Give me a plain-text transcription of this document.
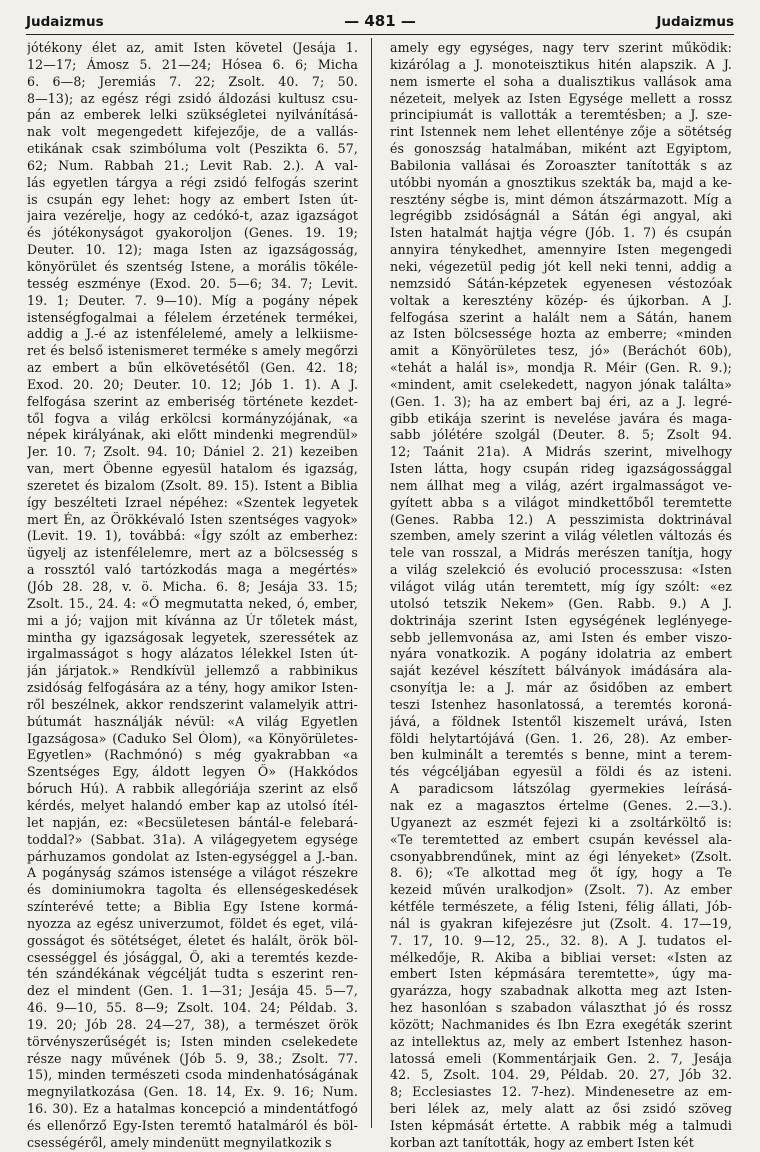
Judaizmus	— 481 —	Judaizmus
jótékony élet az, amit Isten követel (Jesája 1.
12—17; Ámosz 5. 21—24; Hósea 6. 6; Micha
6. 6—8; Jeremiás 7. 22; Zsolt. 40. 7; 50.
8—13); az egész régi zsidó áldozási kultusz csu-
pán az emberek lelki szükségletei nyilvánításá-
nak volt megengedett kifejezője, de a vallás-
etikának csak szimbóluma volt (Peszikta 6. 57,
62; Num. Rabbah 21.; Levit Rab. 2.). A val-
lás egyetlen tárgya a régi zsidó felfogás szerint
is csupán egy lehet: hogy az embert Isten út-
jaira vezérelje, hogy az cedókó-t, azaz igazságot
és jótékonyságot gyakoroljon (Genes. 19. 19;
Deuter. 10. 12); maga Isten az igazságosság,
könyörület és szentség Istene, a morális tökéle-
tesség eszménye (Exod. 20. 5—6; 34. 7; Levit.
19. 1; Deuter. 7. 9—10). Míg a pogány népek
istenségfogalmai a félelem érzetének termékei,
addig a J.-é az istenfélelemé, amely a lelkiisme-
ret és belső istenismeret terméke s amely megőrzi
az embert a bűn elkövetésétől (Gen. 42. 18;
Exod. 20. 20; Deuter. 10. 12; Jób 1. 1). A J.
felfogása szerint az emberiség története kezdet-
től fogva a világ erkölcsi kormányzójának, «a
népek királyának, aki előtt mindenki megrendül»
Jer. 10. 7; Zsolt. 94. 10; Dániel 2. 21) kezeiben
van, mert Őbenne egyesül hatalom és igazság,
szeretet és bizalom (Zsolt. 89. 15). Istent a Biblia
így beszélteti Izrael népéhez: «Szentek legyetek
mert Én, az Örökkévaló Isten szentséges vagyok»
(Levit. 19. 1), továbbá: «Így szólt az emberhez:
ügyelj az istenfélelemre, mert az a bölcsesség s
a rossztól való tartózkodás maga a megértés»
(Jób 28. 28, v. ö. Micha. 6. 8; Jesája 33. 15;
Zsolt. 15., 24. 4: «Ő megmutatta neked, ó, ember,
mi a jó; vajjon mit kívánna az Úr tőletek mást,
mintha gy igazságosak legyetek, szeressétek az
irgalmasságot s hogy alázatos lélekkel Isten út-
ján járjatok.» Rendkívül jellemző a rabbinikus
zsidóság felfogására az a tény, hogy amikor Isten-
ről beszélnek, akkor rendszerint valamelyik attri-
bútumát használják névül: «A világ Egyetlen
Igazságosa» (Caduko Sel Ólom), «a Könyörületes-
Egyetlen» (Rachmónó) s még gyakrabban «a
Szentséges Egy, áldott legyen Ő» (Hakkódos
bóruch Hú). A rabbik allegóriája szerint az első
kérdés, melyet halandó ember kap az utolsó ítél-
let napján, ez: «Becsületesen bántál-e felebará-
toddal?» (Sabbat. 31a). A világegyetem egysége
párhuzamos gondolat az Isten-egységgel a J.-ban.
A pogányság számos istensége a világot részekre
és dominiumokra tagolta és ellenségeskedések
színterévé tette; a Biblia Egy Istene kormá-
nyozza az egész univerzumot, földet és eget, vilá-
gosságot és sötétséget, életet és halált, örök böl-
csességgel és jósággal, Ő, aki a teremtés kezde-
tén szándékának végcélját tudta s eszerint ren-
dez el mindent (Gen. 1. 1—31; Jesája 45. 5—7,
46. 9—10, 55. 8—9; Zsolt. 104. 24; Példab. 3.
19. 20; Jób 28. 24—27, 38), a természet örök
törvényszerűségét is; Isten minden cselekedete
része nagy művének (Jób 5. 9, 38.; Zsolt. 77.
15), minden természeti csoda mindenhatóságának
megnyilatkozása (Gen. 18. 14, Ex. 9. 16; Num.
16. 30). Ez a hatalmas koncepció a mindentátfogó
és ellenőrző Egy-Isten teremtő hatalmáról és böl-
csességéről, amely mindenütt megnyilatkozik s
amely egy egységes, nagy terv szerint működik:
kizárólag a J. monoteisztikus hitén alapszik. A J.
nem ismerte el soha a dualisztikus vallások ama
nézeteit, melyek az Isten Egysége mellett a rossz
principiumát is vallották a teremtésben; a J. sze-
rint Istennek nem lehet ellenténye zője a sötétség
és gonoszság hatalmában, miként azt Egyiptom,
Babilonia vallásai és Zoroaszter tanították s az
utóbbi nyomán a gnosztikus szekták ba, majd a ke-
resztény ségbe is, mint démon átszármazott. Míg a
legrégibb zsidóságnál a Sátán égi angyal, aki
Isten hatalmát hajtja végre (Jób. 1. 7) és csupán
annyira ténykedhet, amennyire Isten megengedi
neki, végezetül pedig jót kell neki tenni, addig a
nemzsidó Sátán-képzetek egyenesen véstozóak
voltak a keresztény közép- és újkorban. A J.
felfogása szerint a halált nem a Sátán, hanem
az Isten bölcsessége hozta az emberre; «minden
amit a Könyörületes tesz, jó» (Beráchót 60b),
«tehát a halál is», mondja R. Méir (Gen. R. 9.);
«mindent, amit cselekedett, nagyon jónak találta»
(Gen. 1. 3); ha az embert baj éri, az a J. legré-
gibb etikája szerint is nevelése javára és maga-
sabb jólétére szolgál (Deuter. 8. 5; Zsolt 94.
12; Taánit 21a). A Midrás szerint, mivelhogy
Isten látta, hogy csupán rideg igazságossággal
nem állhat meg a világ, azért irgalmasságot ve-
gyített abba s a világot mindkettőből teremtette
(Genes. Rabba 12.) A pesszimista doktrinával
szemben, amely szerint a világ véletlen változás és
tele van rosszal, a Midrás merészen tanítja, hogy
a világ szelekció és evolució processzusa: «Isten
világot világ után teremtett, míg így szólt: «ez
utolsó tetszik Nekem» (Gen. Rabb. 9.) A J.
doktrinája szerint Isten egységének leglényege-
sebb jellemvonása az, ami Isten és ember viszo-
nyára vonatkozik. A pogány idolatria az embert
saját kezével készített bálványok imádására ala-
csonyítja le: a J. már az ősidőben az embert
teszi Istenhez hasonlatossá, a teremtés koroná-
jává, a földnek Istentől kiszemelt urává, Isten
földi helytartójává (Gen. 1. 26, 28). Az ember-
ben kulminált a teremtés s benne, mint a terem-
tés végcéljában egyesül a földi és az isteni.
A paradicsom látszólag gyermekies leírásá-
nak ez a magasztos értelme (Genes. 2.—3.).
Ugyanezt az eszmét fejezi ki a zsoltárköltő is:
«Te teremtetted az embert csupán kevéssel ala-
csonyabbrendűnek, mint az égi lényeket» (Zsolt.
8. 6); «Te alkottad meg őt így, hogy a Te
kezeid művén uralkodjon» (Zsolt. 7). Az ember
kétféle természete, a félig Isteni, félig állati, Jób-
nál is gyakran kifejezésre jut (Zsolt. 4. 17—19,
7. 17, 10. 9—12, 25., 32. 8). A J. tudatos el-
mélkedője, R. Akiba a bibliai verset: «Isten az
embert Isten képmására teremtette», úgy ma-
gyarázza, hogy szabadnak alkotta meg azt Isten-
hez hasonlóan s szabadon választhat jó és rossz
között; Nachmanides és Ibn Ezra exegéták szerint
az intellektus az, mely az embert Istenhez hason-
latossá emeli (Kommentárjaik Gen. 2. 7, Jesája
42. 5, Zsolt. 104. 29, Példab. 20. 27, Jób 32.
8; Ecclesiastes 12. 7-hez). Mindenesetre az em-
beri lélek az, mely alatt az ősi zsidó szöveg
Isten képmását értette. A rabbik még a talmudi
korban azt tanították, hogy az embert Isten két
